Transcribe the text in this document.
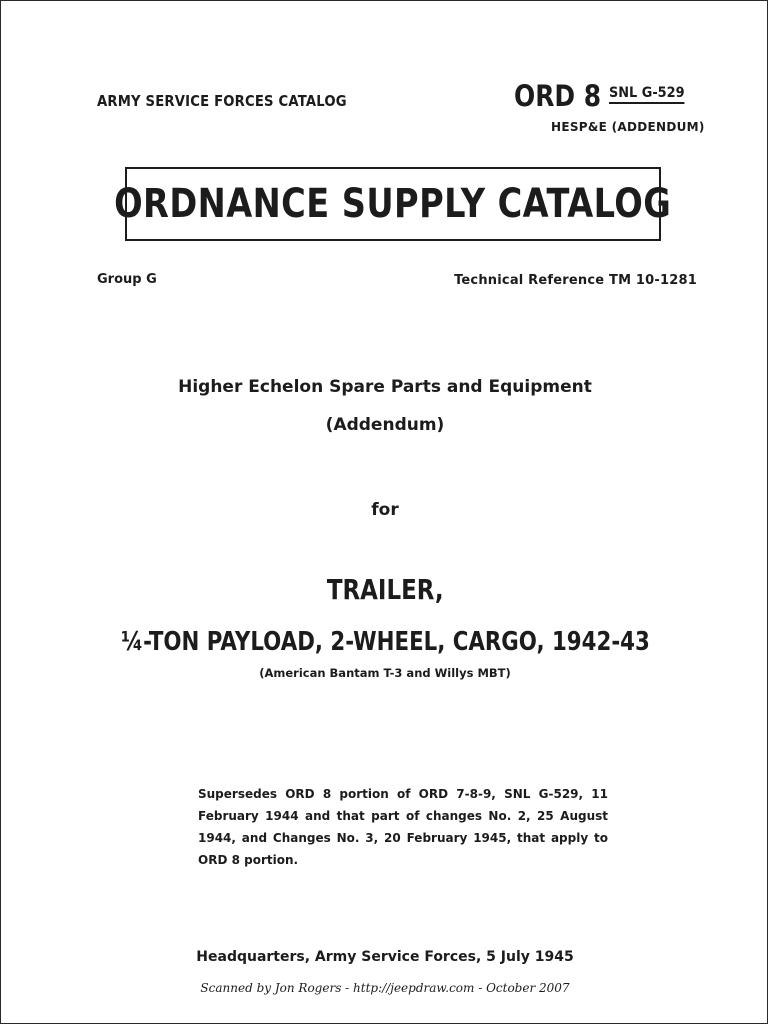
ARMY SERVICE FORCES CATALOG	ORD 8 SNL G-529
HESP&E (ADDENDUM)
ORDNANCE SUPPLY CATALOG
Group G	Technical Reference TM 10-1281
Higher Echelon Spare Parts and Equipment
(Addendum)
for
TRAILER,
¼-TON PAYLOAD, 2-WHEEL, CARGO, 1942-43
(American Bantam T-3 and Willys MBT)
Supersedes ORD 8 portion of ORD 7-8-9, SNL G-529, 11 February 1944 and that part of changes No. 2, 25 August 1944, and Changes No. 3, 20 February 1945, that apply to ORD 8 portion.
Headquarters, Army Service Forces, 5 July 1945
Scanned by Jon Rogers - http://jeepdraw.com - October 2007
